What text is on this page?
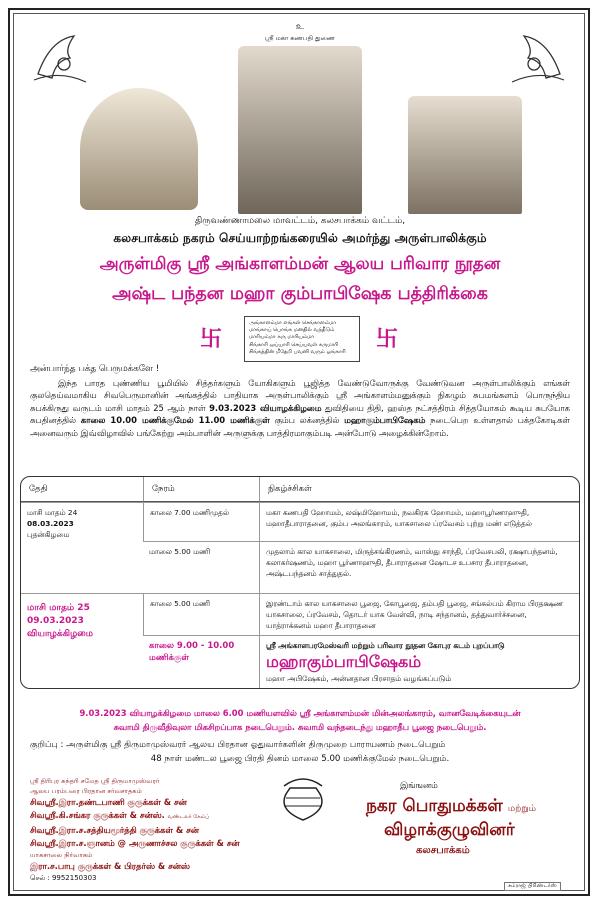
உ
ஸ்ரீ மகா கணபதி துணை
திருவண்ணாமலை மாவட்டம், கலசபாக்கம் வட்டம்,
கலசபாக்கம் நகரம் செய்யாற்றங்கரையில் அமர்ந்து அருள்பாலிக்கும்
அருள்மிகு ஸ்ரீ அங்காளம்மன் ஆலய பரிவார நூதன
அஷ்ட பந்தன மஹா கும்பாபிஷேக பத்திரிக்கை
卐	卐
அங்காளம்மா எங்கள் செங்காளம்மா
மாங்காய் பொங்க மனதில் வந்தீடும்
மாரியம்மா கரு மாரியம்மா
சிங்காரி ஒய்யாரி செய்யவள் கருமாரி
சிங்கத்தின் மீதேறி பவனி வரும் ஓங்காரி
அன்பார்ந்த பக்த பெருமக்களே !
இந்த பாரத புண்ணிய பூமியில் சித்தர்களும் யோகிகளும் பூஜித்த வேண்டுவோருக்கு வேண்டுவன அருள்பாலிக்கும் எங்கள் குலதெய்வமாகிய சிவபெருமானின் அங்கத்தில் பாதியாக அருள்பாலிக்கும் ஸ்ரீ அங்காளம்மனுக்கும் நிகழும் சுபமங்களம் பொருந்திய சுபக்கிருது வருடம் மாசி மாதம் 25 ஆம் நாள் 9.03.2023 வியாழக்கிழமை துவிதியை திதி, ஹஸ்த நட்சத்திரம் சித்தயோகம் கூடிய சுபயோக சுபதினத்தில் காலை 10.00 மணிக்குமேல் 11.00 மணிக்குள் கும்ப லக்னத்தில் மஹாகும்பாபிஷேகம் நடைபெற உள்ளதால் பக்தகோடிகள் அனைவரும் இவ்விழாவில் பங்கேற்று அம்பாளின் அருளுக்கு பாத்திரமாகும்படி அன்போடு அழைக்கின்றோம்.
தேதி	நேரம்	நிகழ்ச்சிகள்

மாசி மாதம் 24
08.03.2023
புதன்கிழமை	காலை 7.00 மணிமுதல்	மகா கணபதி ஹோமம், லஷ்மிஹோமம், நவகிரக ஹோமம், மஹாபூர்ணாஹுதி, மஹாதீபாராதனை, கும்ப அலங்காரம், யாகசாலை ப்ரவேசம் புற்று மண் எடுத்தல்
	மாலை 5.00 மணி	முதலாம் கால யாகசாலை, மிருத்சங்கிரணம், வாஸ்து சாந்தி, ப்ரவேசபலி, ரக்ஷாபந்தனம், கலாகர்ஷணம், மஹா பூர்ணாஹுதி, தீபாராதனை ஷோடச உபசார தீபாராதனை, அஷ்டபந்தனம் சாத்துதல்.

மாசி மாதம் 25
09.03.2023
வியாழக்கிழமை	காலை 5.00 மணி	இரண்டாம் கால யாகசாலை பூஜை, கோபூஜை, தம்பதி பூஜை, சங்கல்பம் கிராம பிரதக்ஷண யாகசாலை, ப்ரவேசம், தொடர் யாக வேள்வி, நாடி சந்தானம், தத்துவார்ச்சனை, யாத்ராக்கனம் மஹா தீபாராதனை
	காலை 9.00 - 10.00 மணிக்குள்	ஸ்ரீ அங்காளபரமேஸ்வரி மற்றும் பரிவார நூதன கோபுர கடம் புறப்பாடு
மஹாகும்பாபிஷேகம்
மஹா அபிஷேகம், அன்னதான பிரசாதம் வழங்கப்படும்
9.03.2023 வியாழக்கிழமை மாலை 6.00 மணியளவில் ஸ்ரீ அங்காளம்மன் மின்அலங்காரம், வானவேடிக்கையுடன்
சுவாமி திருவீதிவுலா மிகசிறப்பாக நடைபெறும். சுவாமி வந்தடைந்து மஹாதீப பூஜை நடைபெறும்.
குறிப்பு : அருள்மிகு ஸ்ரீ திருமாமுஸ்வரர் ஆலய பிரதான ஓதுவார்களின் திருமுறை பாராயணம் நடைபெறும்
48 நாள் மண்டல பூஜை பிரதி தினம் மாலை 5.00 மணிக்குமேல் நடைபெறும்.
ஸ்ரீ திரிபுர சுந்தரி சமேத ஸ்ரீ திருமாமுஸ்வரர்
ஆலய பரம்பரை பிரதான சர்வசாதகம்
சிவஸ்ரீ.இரா.தண்டபாணி குருக்கள் & சன்
சிவஸ்ரீ.கி.சங்கர குருக்கள் & சன்ஸ். வண்டலர் கேம்ப்
சிவஸ்ரீ.இரா.ச.சத்தியமூர்த்தி குருக்கள் & சன்
சிவஸ்ரீ.இரா.ச.ஞானம் @ அருணாச்சல குருக்கள் & சன்
யாகசாலை நிர்வாகம்
இரா.ச.பாபு குருக்கள் & பிரதர்ஸ் & சன்ஸ்
செல் : 9952150303
இங்ஙனம்
நகர பொதுமக்கள் மற்றும்
விழாக்குழுவினர்
கலசபாக்கம்
சம்ராஜ் பிரிண்டர்ஸ்
